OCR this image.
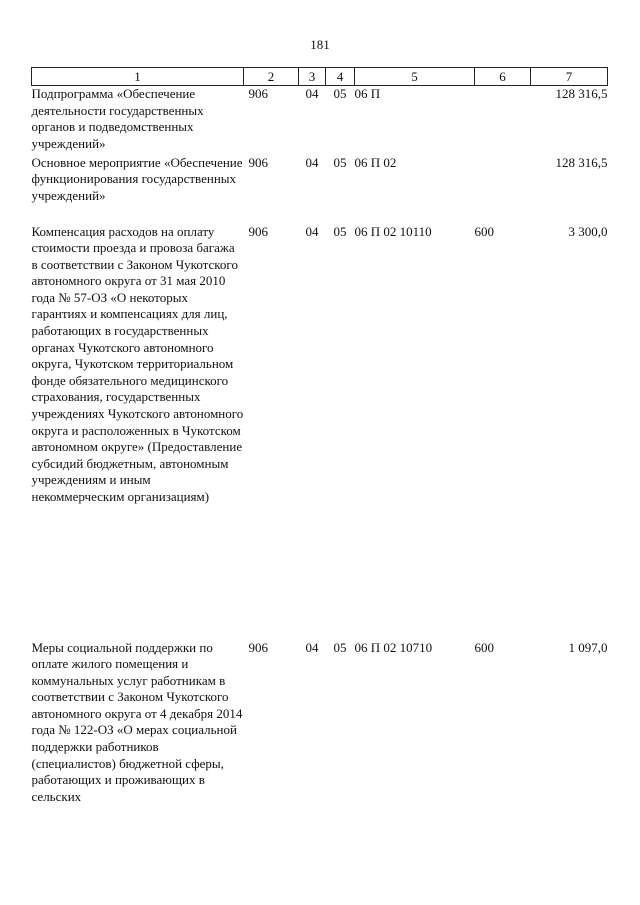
181
1	2	3	4	5	6	7
Подпрограмма «Обеспечение деятельности государственных органов и подведомственных учреждений»	906	04	05	06 П		128 316,5
Основное мероприятие «Обеспечение функционирования государственных учреждений»	906	04	05	06 П 02		128 316,5
Компенсация расходов на оплату стоимости проезда и провоза багажа в соответствии с Законом Чукотского автономного округа от 31 мая 2010 года № 57-ОЗ «О некоторых гарантиях и компенсациях для лиц, работающих в государственных органах Чукотского автономного округа, Чукотском территориальном фонде обязательного медицинского страхования, государственных учреждениях Чукотского автономного округа и расположенных в Чукотском автономном округе» (Предоставление субсидий бюджетным, автономным учреждениям и иным некоммерческим организациям)	906	04	05	06 П 02 10110	600	3 300,0
Меры социальной поддержки по оплате жилого помещения и коммунальных услуг работникам в соответствии с Законом Чукотского автономного округа от 4 декабря 2014 года № 122-ОЗ «О мерах социальной поддержки работников (специалистов) бюджетной сферы, работающих и проживающих в сельских	906	04	05	06 П 02 10710	600	1 097,0
